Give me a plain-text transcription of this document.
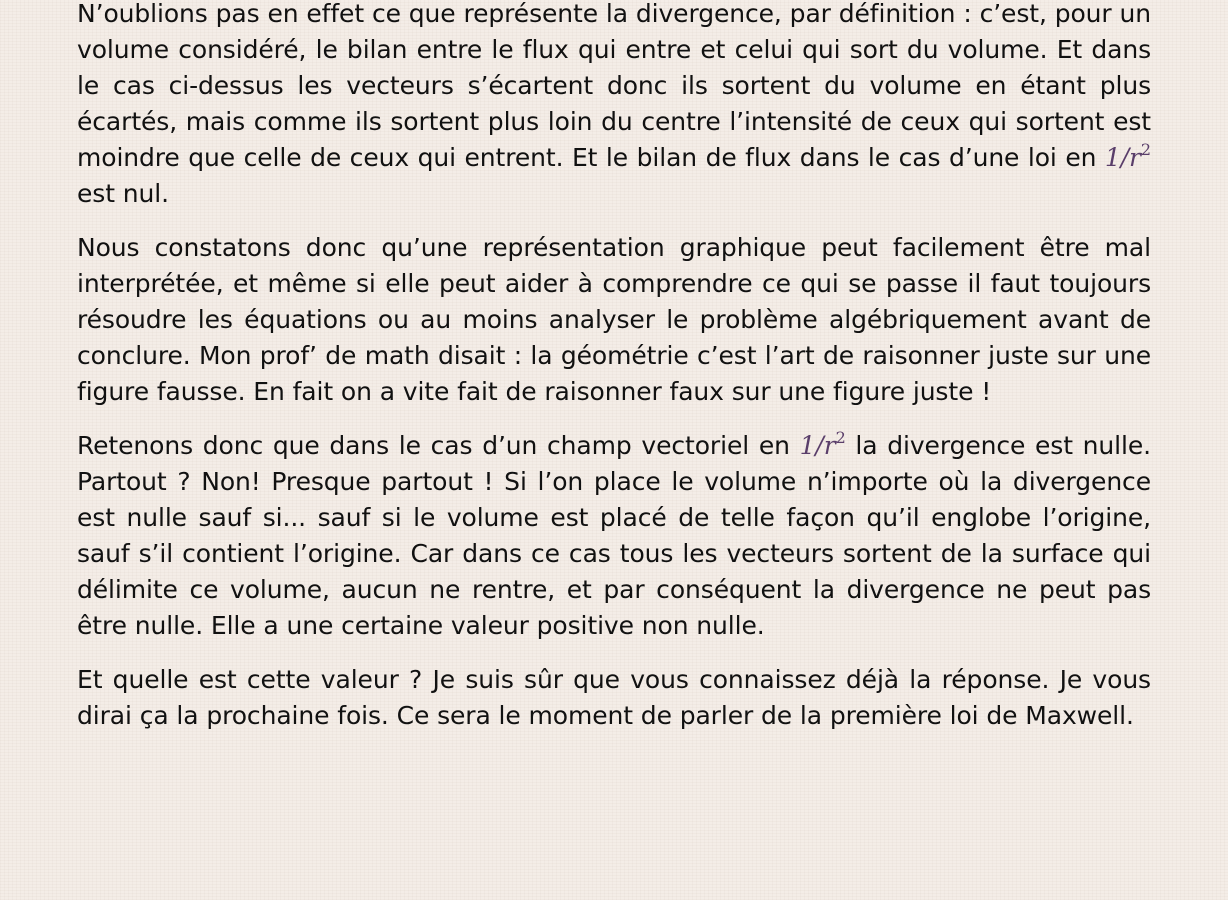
N’oublions pas en effet ce que représente la divergence, par définition : c’est, pour un volume considéré, le bilan entre le flux qui entre et celui qui sort du volume. Et dans le cas ci-dessus les vecteurs s’écartent donc ils sortent du volume en étant plus écartés, mais comme ils sortent plus loin du centre l’intensité de ceux qui sortent est moindre que celle de ceux qui entrent. Et le bilan de flux dans le cas d’une loi en $1/r^2$ est nul.

Nous constatons donc qu’une représentation graphique peut facilement être mal interprétée, et même si elle peut aider à comprendre ce qui se passe il faut toujours résoudre les équations ou au moins analyser le problème algébriquement avant de conclure. Mon prof’ de math disait : la géométrie c’est l’art de raisonner juste sur une figure fausse. En fait on a vite fait de raisonner faux sur une figure juste !

Retenons donc que dans le cas d’un champ vectoriel en $1/r^2$ la divergence est nulle. Partout ? Non! Presque partout ! Si l’on place le volume n’importe où la divergence est nulle sauf si... sauf si le volume est placé de telle façon qu’il englobe l’origine, sauf s’il contient l’origine. Car dans ce cas tous les vecteurs sortent de la surface qui délimite ce volume, aucun ne rentre, et par conséquent la divergence ne peut pas être nulle. Elle a une certaine valeur positive non nulle.

Et quelle est cette valeur ? Je suis sûr que vous connaissez déjà la réponse. Je vous dirai ça la prochaine fois. Ce sera le moment de parler de la première loi de Maxwell.
